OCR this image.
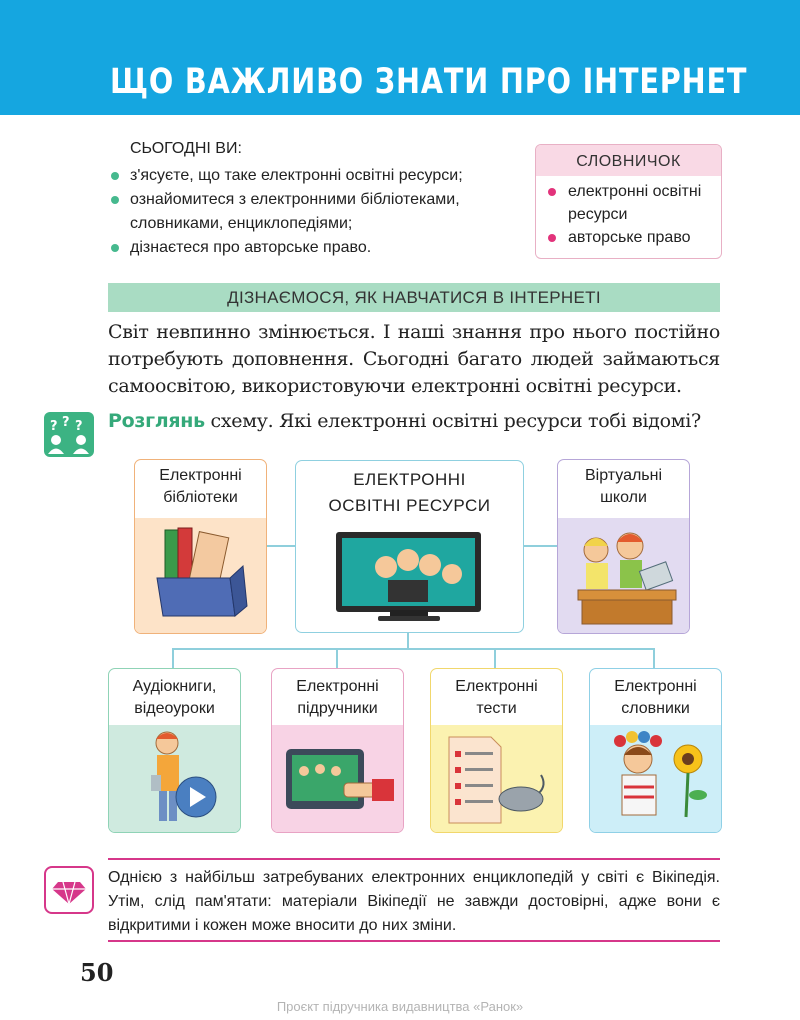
ЩО ВАЖЛИВО ЗНАТИ ПРО ІНТЕРНЕТ
СЬОГОДНІ ВИ:
з'ясуєте, що таке електронні освітні ресурси;
ознайомитеся з електронними бібліотеками, словниками, енциклопедіями;
дізнаєтеся про авторське право.
СЛОВНИЧОК
електронні освітні ресурси
авторське право
ДІЗНАЄМОСЯ, ЯК НАВЧАТИСЯ В ІНТЕРНЕТІ
Світ невпинно змінюється. І наші знання про нього постійно потребують доповнення. Сьогодні багато людей займаються самоосвітою, використовуючи електронні освітні ресурси.
? ? ? Розглянь схему. Які електронні освітні ресурси тобі відомі?
Електронні
бібліотеки
ЕЛЕКТРОННІ
ОСВІТНІ РЕСУРСИ
Віртуальні
школи
Аудіокниги,
відеоуроки
Електронні
підручники
Електронні
тести
Електронні
словники
Однією з найбільш затребуваних електронних енциклопедій у світі є Вікіпедія. Утім, слід пам'ятати: матеріали Вікіпедії не завжди достовірні, адже вони є відкритими і кожен може вносити до них зміни.
50
Проєкт підручника видавництва «Ранок»
